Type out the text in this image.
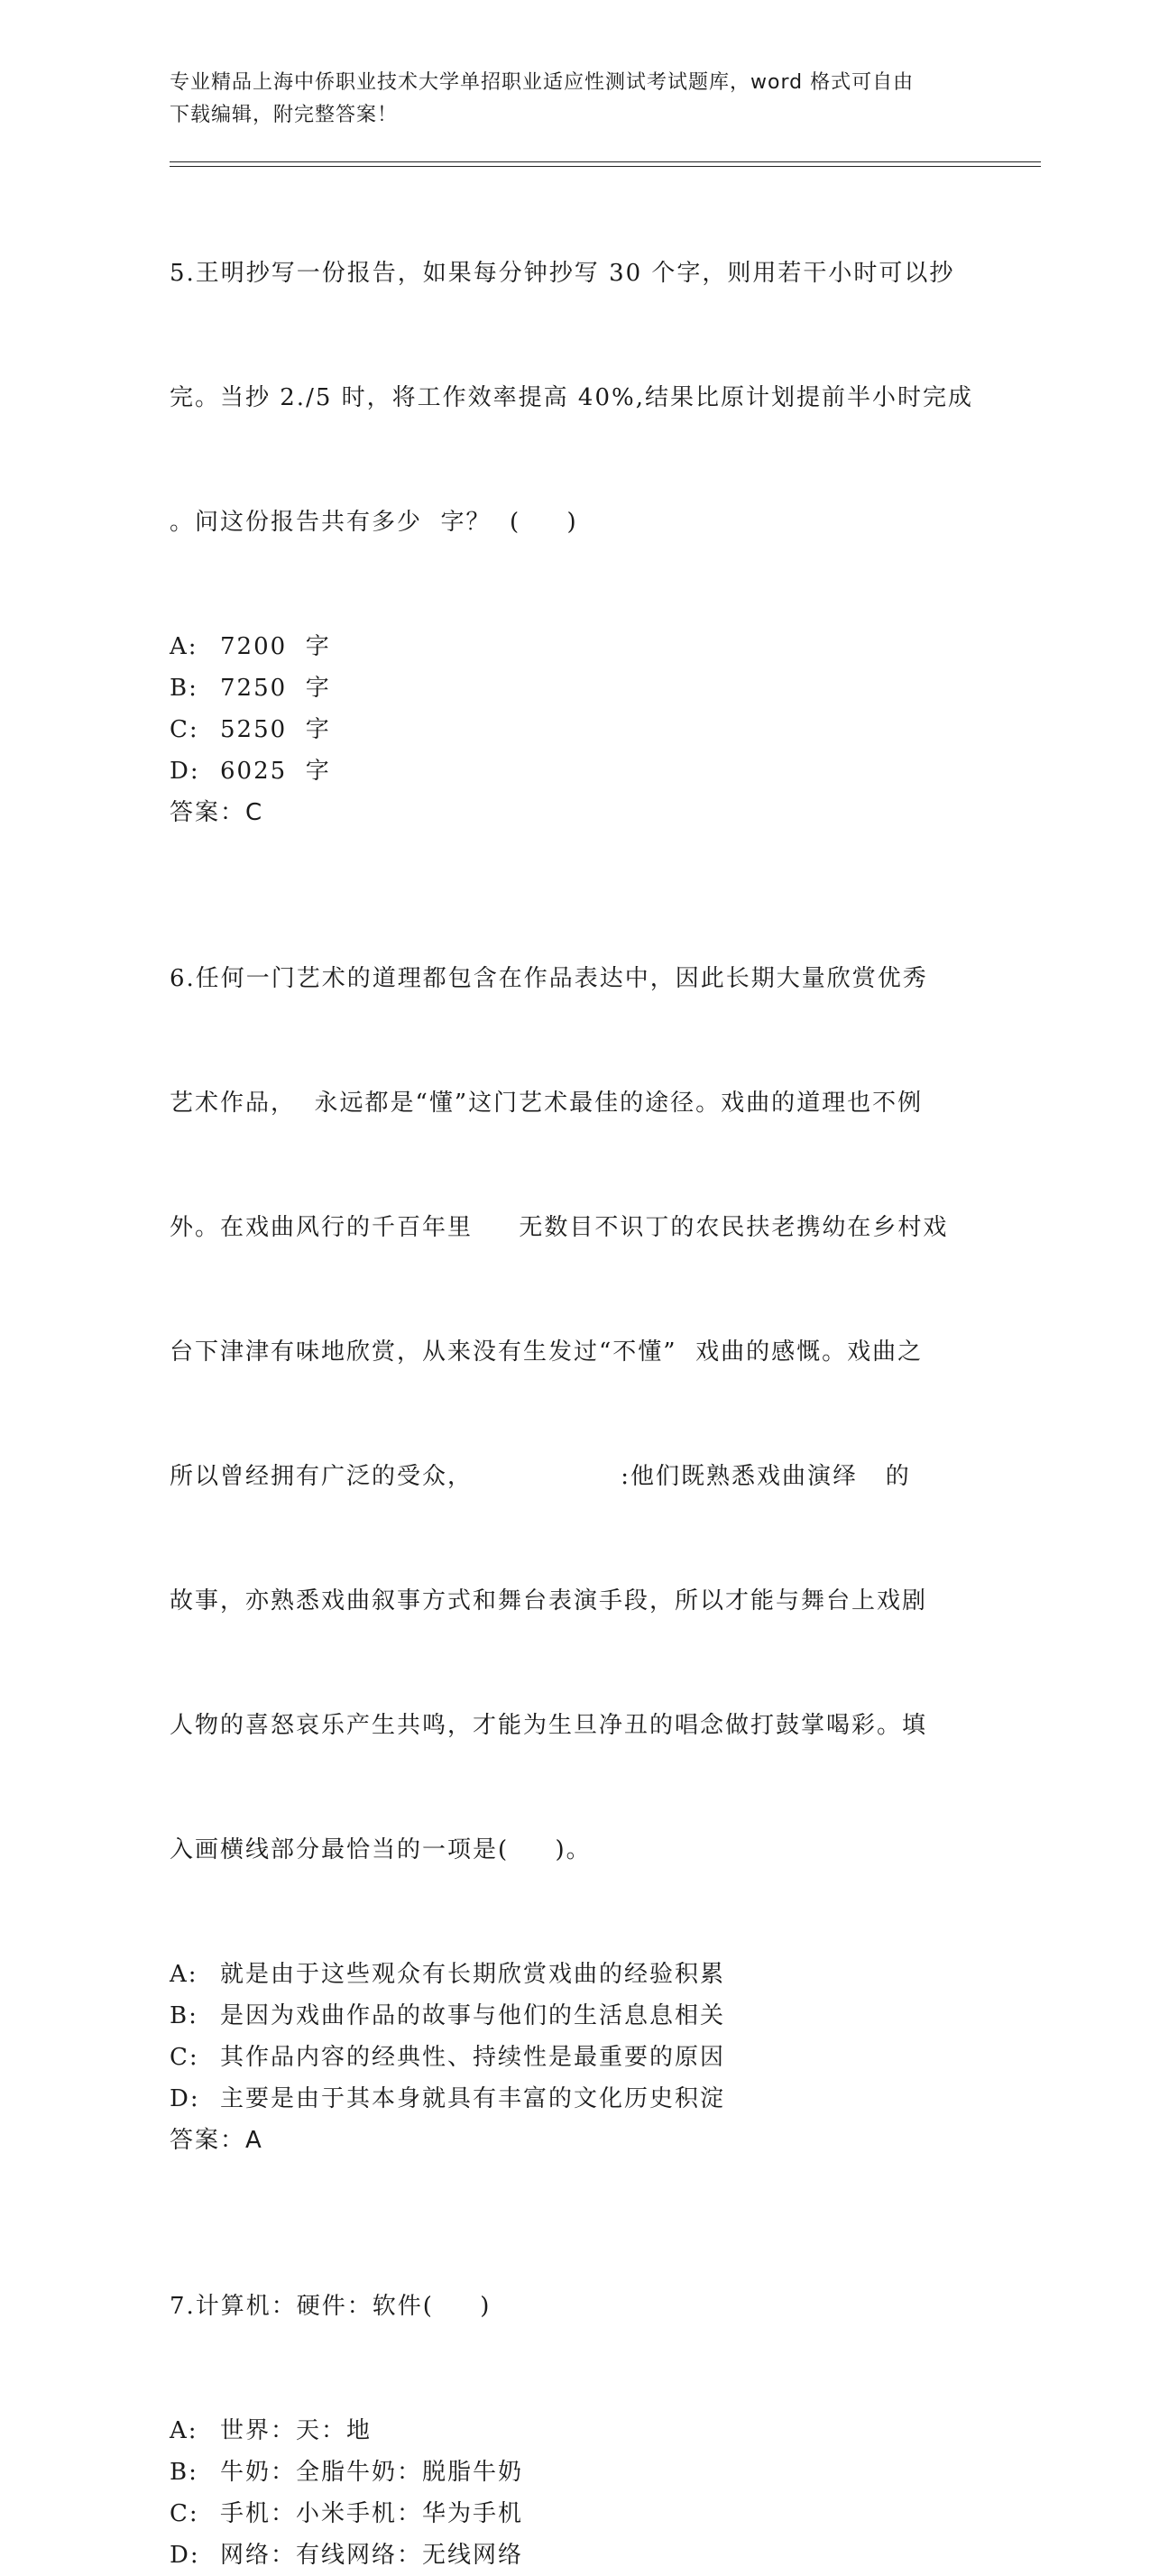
专业精品上海中侨职业技术大学单招职业适应性测试考试题库，word 格式可自由
下载编辑，附完整答案！

5.王明抄写一份报告，如果每分钟抄写 30 个字，则用若干小时可以抄

完。当抄 2./5 时，将工作效率提高 40%,结果比原计划提前半小时完成

。问这份报告共有多少  字？  (     )

A: 7200  字
B: 7250  字
C: 5250  字
D: 6025  字
答案：C

6.任何一门艺术的道理都包含在作品表达中，因此长期大量欣赏优秀

艺术作品，  永远都是“懂”这门艺术最佳的途径。戏曲的道理也不例

外。在戏曲风行的千百年里     无数目不识丁的农民扶老携幼在乡村戏

台下津津有味地欣赏，从来没有生发过“不懂”  戏曲的感慨。戏曲之

所以曾经拥有广泛的受众，                :他们既熟悉戏曲演绎   的

故事，亦熟悉戏曲叙事方式和舞台表演手段，所以才能与舞台上戏剧

人物的喜怒哀乐产生共鸣，才能为生旦净丑的唱念做打鼓掌喝彩。填

入画横线部分最恰当的一项是(     )。

A: 就是由于这些观众有长期欣赏戏曲的经验积累
B: 是因为戏曲作品的故事与他们的生活息息相关
C: 其作品内容的经典性、持续性是最重要的原因
D: 主要是由于其本身就具有丰富的文化历史积淀
答案：A

7.计算机：硬件：软件(     )

A: 世界：天：地
B: 牛奶：全脂牛奶：脱脂牛奶
C: 手机：小米手机：华为手机
D: 网络：有线网络：无线网络
